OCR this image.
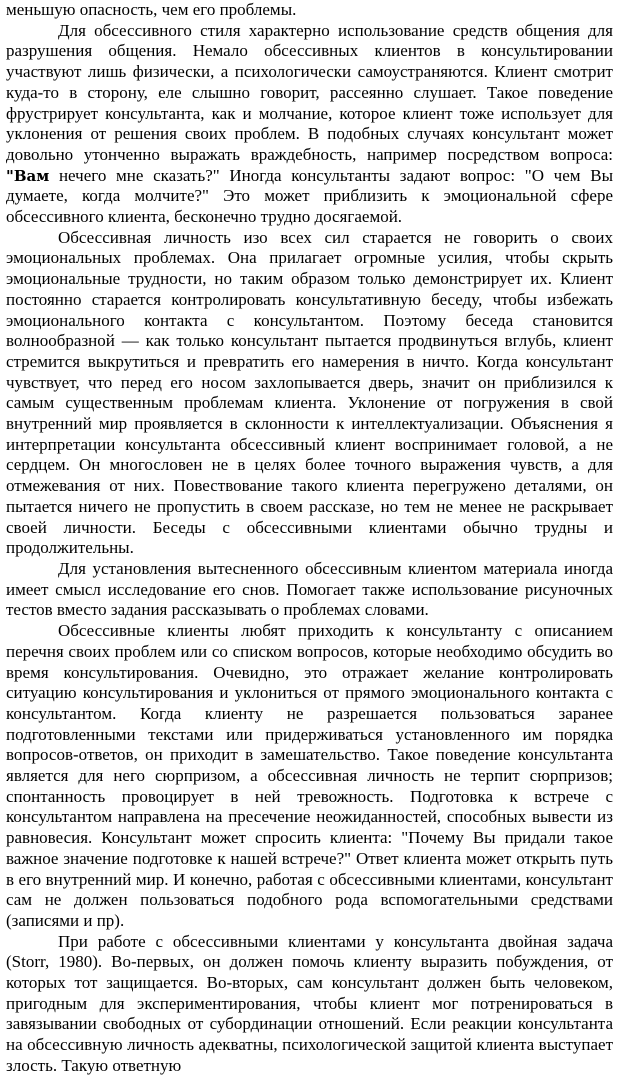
меньшую опасность, чем его проблемы.

Для обсессивного стиля характерно использование средств общения для разрушения общения. Немало обсессивных клиентов в консультировании участвуют лишь физически, а психологически самоустраняются. Клиент смотрит куда-то в сторону, еле слышно говорит, рассеянно слушает. Такое поведение фрустрирует консультанта, как и молчание, которое клиент тоже использует для уклонения от решения своих проблем. В подобных случаях консультант может довольно утонченно выражать враждебность, например посредством вопроса: "Вам нечего мне сказать?" Иногда консультанты задают вопрос: "О чем Вы думаете, когда молчите?" Это может приблизить к эмоциональной сфере обсессивного клиента, бесконечно трудно досягаемой.

Обсессивная личность изо всех сил старается не говорить о своих эмоциональных проблемах. Она прилагает огромные усилия, чтобы скрыть эмоциональные трудности, но таким образом только демонстрирует их. Клиент постоянно старается контролировать консультативную беседу, чтобы избежать эмоционального контакта с консультантом. Поэтому беседа становится волнообразной — как только консультант пытается продвинуться вглубь, клиент стремится выкрутиться и превратить его намерения в ничто. Когда консультант чувствует, что перед его носом захлопывается дверь, значит он приблизился к самым существенным проблемам клиента. Уклонение от погружения в свой внутренний мир проявляется в склонности к интеллектуализации. Объяснения я интерпретации консультанта обсессивный клиент воспринимает головой, а не сердцем. Он многословен не в целях более точного выражения чувств, а для отмежевания от них. Повествование такого клиента перегружено деталями, он пытается ничего не пропустить в своем рассказе, но тем не менее не раскрывает своей личности. Беседы с обсессивными клиентами обычно трудны и продолжительны.

Для установления вытесненного обсессивным клиентом материала иногда имеет смысл исследование его снов. Помогает также использование рисуночных тестов вместо задания рассказывать о проблемах словами.

Обсессивные клиенты любят приходить к консультанту с описанием перечня своих проблем или со списком вопросов, которые необходимо обсудить во время консультирования. Очевидно, это отражает желание контролировать ситуацию консультирования и уклониться от прямого эмоционального контакта с консультантом. Когда клиенту не разрешается пользоваться заранее подготовленными текстами или придерживаться установленного им порядка вопросов-ответов, он приходит в замешательство. Такое поведение консультанта является для него сюрпризом, а обсессивная личность не терпит сюрпризов; спонтанность провоцирует в ней тревожность. Подготовка к встрече с консультантом направлена на пресечение неожиданностей, способных вывести из равновесия. Консультант может спросить клиента: "Почему Вы придали такое важное значение подготовке к нашей встрече?" Ответ клиента может открыть путь в его внутренний мир. И конечно, работая с обсессивными клиентами, консультант сам не должен пользоваться подобного рода вспомогательными средствами (записями и пр).

При работе с обсессивными клиентами у консультанта двойная задача (Storr, 1980). Во-первых, он должен помочь клиенту выразить побуждения, от которых тот защищается. Во-вторых, сам консультант должен быть человеком, пригодным для экспериментирования, чтобы клиент мог потренироваться в завязывании свободных от субординации отношений. Если реакции консультанта на обсессивную личность адекватны, психологической защитой клиента выступает злость. Такую ответную
